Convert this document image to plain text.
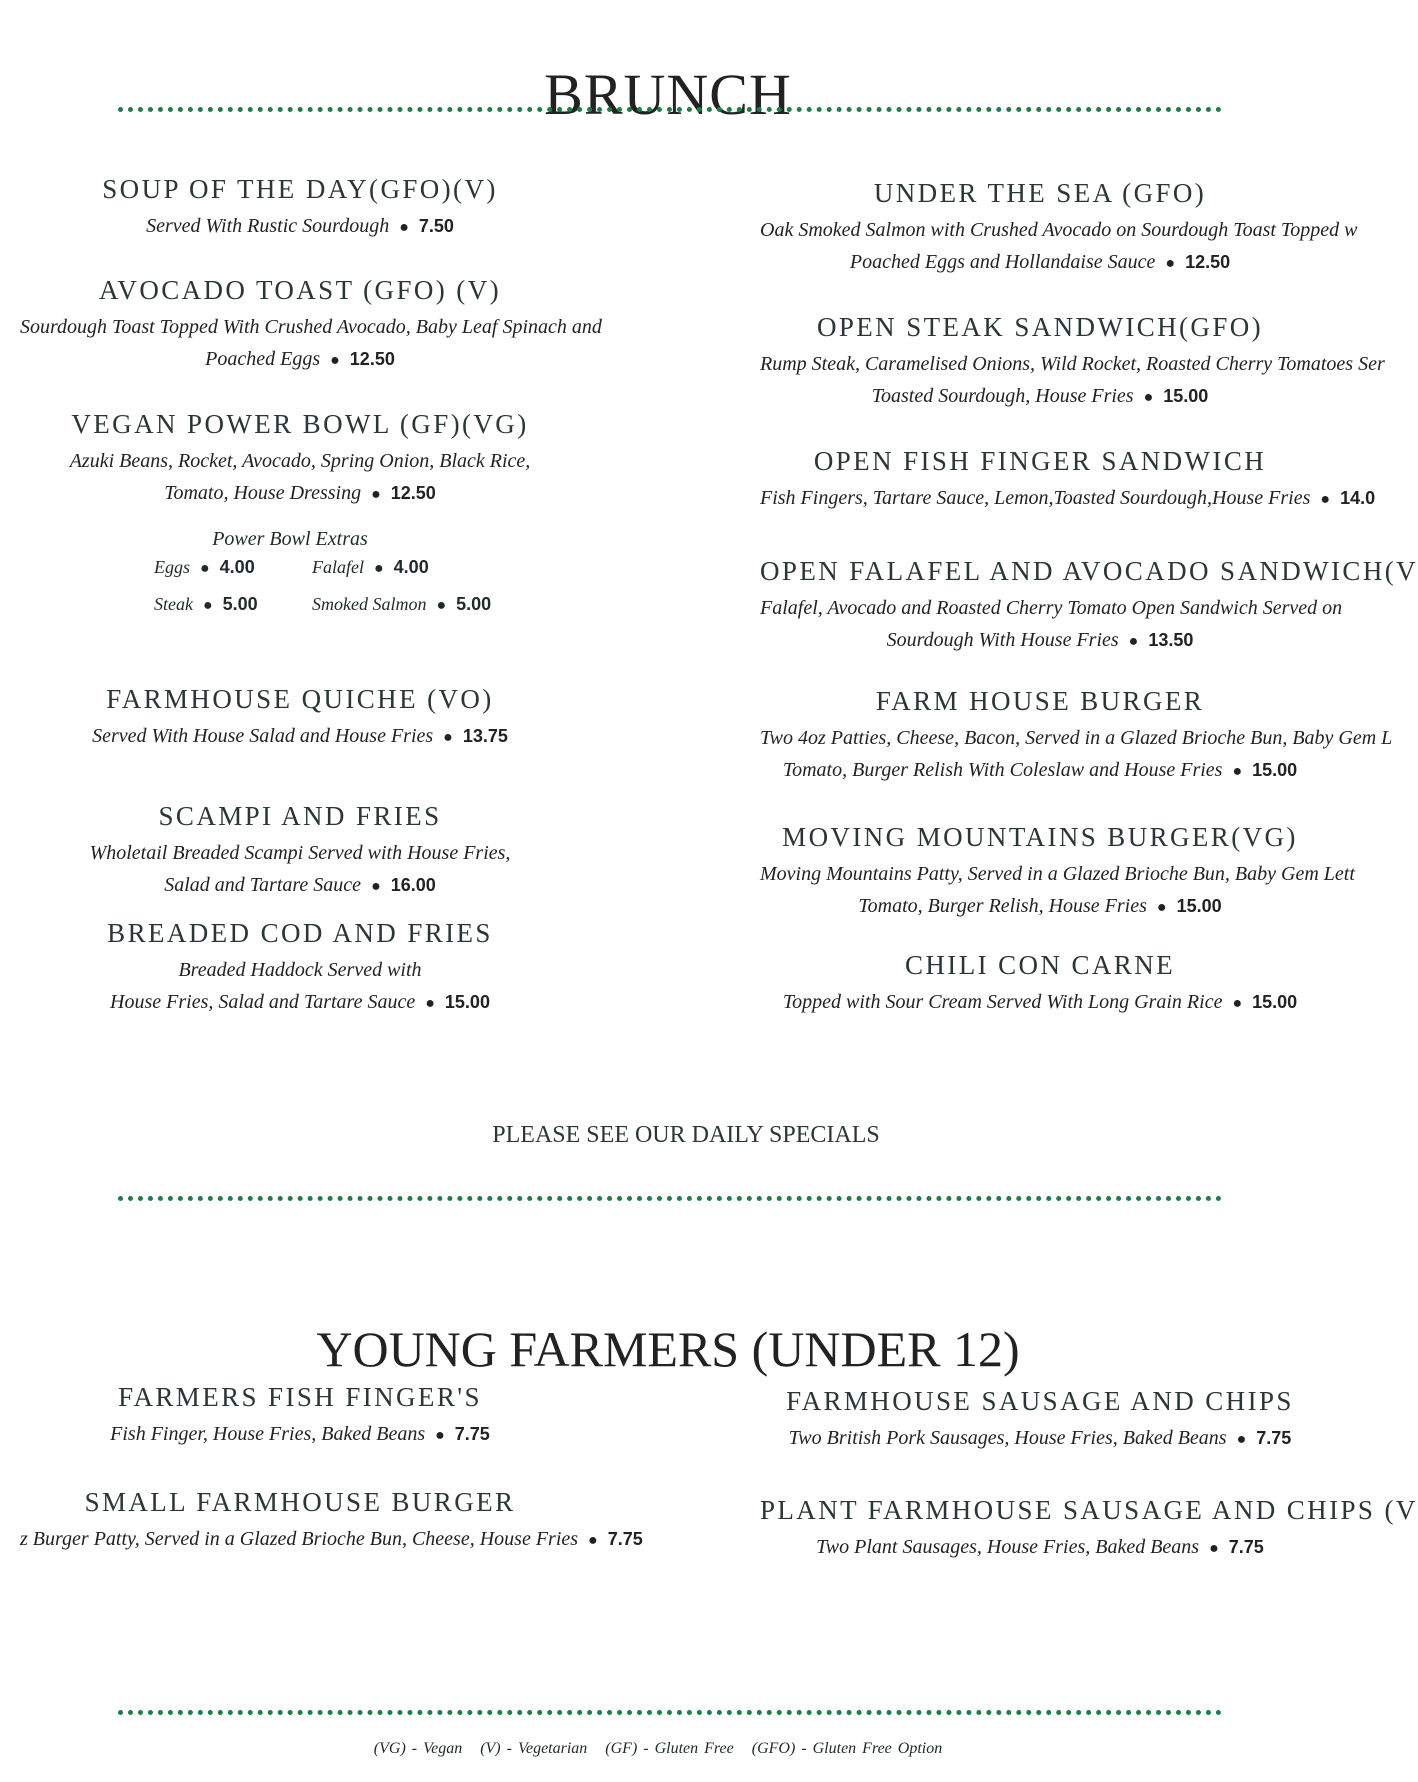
BRUNCH
SOUP OF THE DAY(GFO)(V)

Served With Rustic Sourdough ● 7.50

AVOCADO TOAST (GFO) (V)

Sourdough Toast Topped With Crushed Avocado, Baby Leaf Spinach and
Poached Eggs ● 12.50

VEGAN POWER BOWL (GF)(VG)

Azuki Beans, Rocket, Avocado, Spring Onion, Black Rice,
Tomato, House Dressing ● 12.50

Power Bowl Extras
Eggs ● 4.00	Falafel ● 4.00
Steak ● 5.00	Smoked Salmon ● 5.00
FARMHOUSE QUICHE (VO)

Served With House Salad and House Fries ● 13.75

SCAMPI AND FRIES

Wholetail Breaded Scampi Served with House Fries,
Salad and Tartare Sauce ● 16.00

BREADED COD AND FRIES

Breaded Haddock Served with
House Fries, Salad and Tartare Sauce ● 15.00

UNDER THE SEA (GFO)

Oak Smoked Salmon with Crushed Avocado on Sourdough Toast Topped w
Poached Eggs and Hollandaise Sauce ● 12.50

OPEN STEAK SANDWICH(GFO)

Rump Steak, Caramelised Onions, Wild Rocket, Roasted Cherry Tomatoes Ser
Toasted Sourdough, House Fries ● 15.00

OPEN FISH FINGER SANDWICH

Fish Fingers, Tartare Sauce, Lemon,Toasted Sourdough,House Fries ● 14.0

OPEN FALAFEL AND AVOCADO SANDWICH(V

Falafel, Avocado and Roasted Cherry Tomato Open Sandwich Served on
Sourdough With House Fries ● 13.50

FARM HOUSE BURGER

Two 4oz Patties, Cheese, Bacon, Served in a Glazed Brioche Bun, Baby Gem L
Tomato, Burger Relish With Coleslaw and House Fries ● 15.00

MOVING MOUNTAINS BURGER(VG)

Moving Mountains Patty, Served in a Glazed Brioche Bun, Baby Gem Lett
Tomato, Burger Relish, House Fries ● 15.00

CHILI CON CARNE

Topped with Sour Cream Served With Long Grain Rice ● 15.00

PLEASE SEE OUR DAILY SPECIALS
YOUNG FARMERS (UNDER 12)
FARMERS FISH FINGER'S

Fish Finger, House Fries, Baked Beans ● 7.75

SMALL FARMHOUSE BURGER

z Burger Patty, Served in a Glazed Brioche Bun, Cheese, House Fries ● 7.75

FARMHOUSE SAUSAGE AND CHIPS

Two British Pork Sausages, House Fries, Baked Beans ● 7.75

PLANT FARMHOUSE SAUSAGE AND CHIPS (V

Two Plant Sausages, House Fries, Baked Beans ● 7.75

(VG) - Vegan (V) - Vegetarian (GF) - Gluten Free (GFO) - Gluten Free Option
